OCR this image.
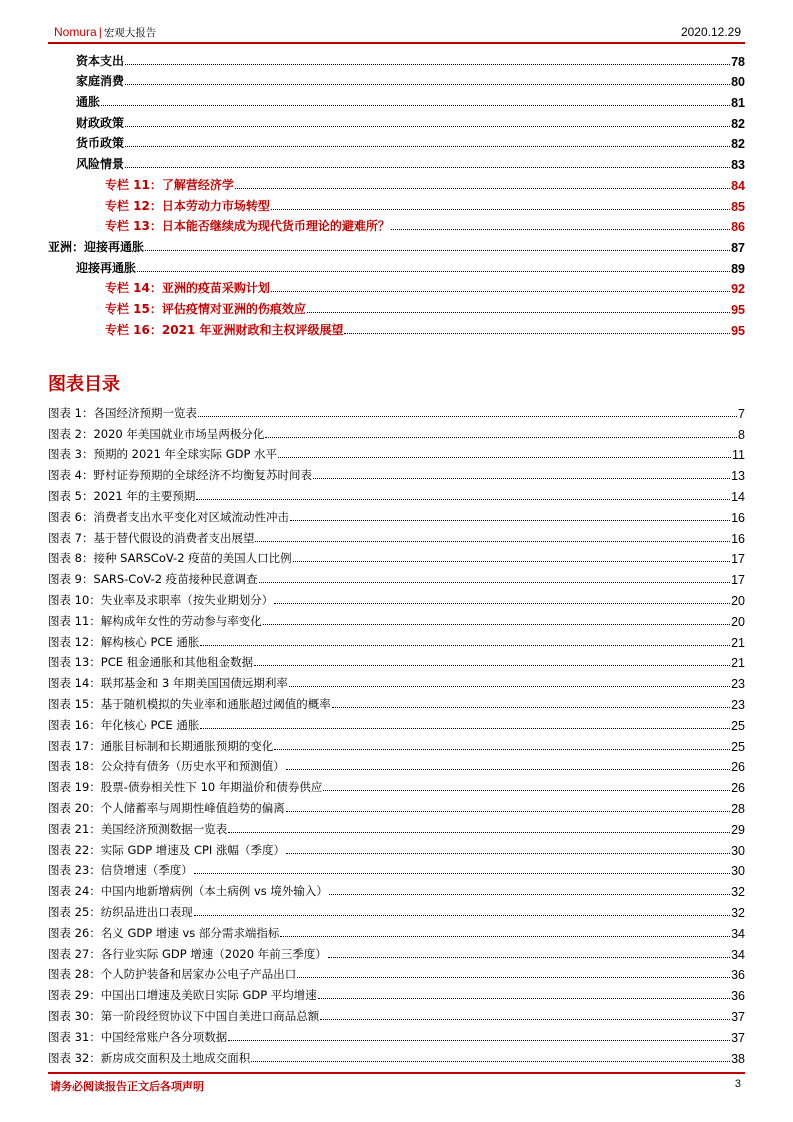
Nomura | 宏观大报告	2020.12.29
资本支出	78
家庭消费	80
通胀	81
财政政策	82
货币政策	82
风险情景	83
专栏 11：了解营经济学	84
专栏 12：日本劳动力市场转型	85
专栏 13：日本能否继续成为现代货币理论的避难所？	86
亚洲：迎接再通胀	87
迎接再通胀	89
专栏 14：亚洲的疫苗采购计划	92
专栏 15：评估疫情对亚洲的伤痕效应	95
专栏 16：2021 年亚洲财政和主权评级展望	95
图表目录
图表 1：各国经济预期一览表	7
图表 2：2020 年美国就业市场呈两极分化	8
图表 3：预期的 2021 年全球实际 GDP 水平	11
图表 4：野村证券预期的全球经济不均衡复苏时间表	13
图表 5：2021 年的主要预期	14
图表 6：消费者支出水平变化对区域流动性冲击	16
图表 7：基于替代假设的消费者支出展望	16
图表 8：接种 SARSCoV-2 疫苗的美国人口比例	17
图表 9：SARS-CoV-2 疫苗接种民意调查	17
图表 10：失业率及求职率（按失业期划分）	20
图表 11：解构成年女性的劳动参与率变化	20
图表 12：解构核心 PCE 通胀	21
图表 13：PCE 租金通胀和其他租金数据	21
图表 14：联邦基金和 3 年期美国国债远期利率	23
图表 15：基于随机模拟的失业率和通胀超过阈值的概率	23
图表 16：年化核心 PCE 通胀	25
图表 17：通胀目标制和长期通胀预期的变化	25
图表 18：公众持有债务（历史水平和预测值）	26
图表 19：股票-债券相关性下 10 年期溢价和债券供应	26
图表 20：个人储蓄率与周期性峰值趋势的偏离	28
图表 21：美国经济预测数据一览表	29
图表 22：实际 GDP 增速及 CPI 涨幅（季度）	30
图表 23：信贷增速（季度）	30
图表 24：中国内地新增病例（本土病例 vs 境外输入）	32
图表 25：纺织品进出口表现	32
图表 26：名义 GDP 增速 vs 部分需求端指标	34
图表 27：各行业实际 GDP 增速（2020 年前三季度）	34
图表 28：个人防护装备和居家办公电子产品出口	36
图表 29：中国出口增速及美欧日实际 GDP 平均增速	36
图表 30：第一阶段经贸协议下中国自美进口商品总额	37
图表 31：中国经常账户各分项数据	37
图表 32：新房成交面积及土地成交面积	38
请务必阅读报告正文后各项声明	3
